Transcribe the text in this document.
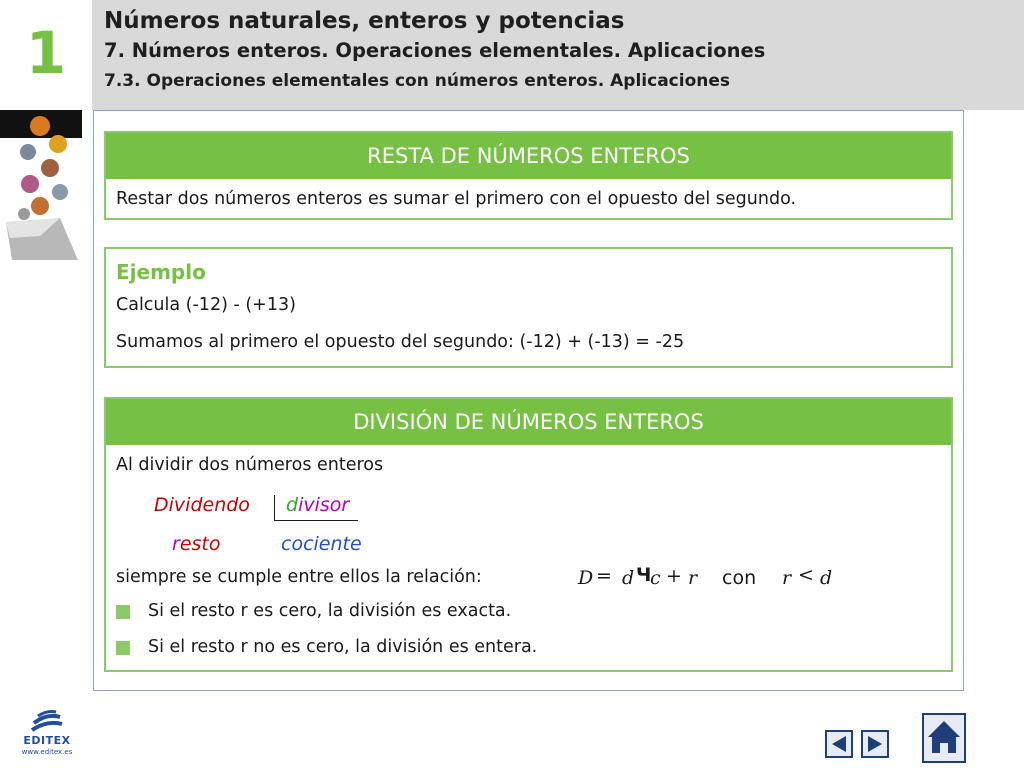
1	Números naturales, enteros y potencias
7. Números enteros. Operaciones elementales. Aplicaciones
7.3. Operaciones elementales con números enteros. Aplicaciones
RESTA DE NÚMEROS ENTEROS
Restar dos números enteros es sumar el primero con el opuesto del segundo.
Ejemplo
Calcula (-12) - (+13)
Sumamos al primero el opuesto del segundo: (-12) + (-13) = -25
DIVISIÓN DE NÚMEROS ENTEROS
Al dividir dos números enteros
Dividendo divisor
resto	cociente
siempre se cumple entre ellos la relación:	D = d Ч
c + r con r < d
Si el resto r es cero, la división es exacta.
Si el resto r no es cero, la división es entera.
EDITEX
www.editex.es
